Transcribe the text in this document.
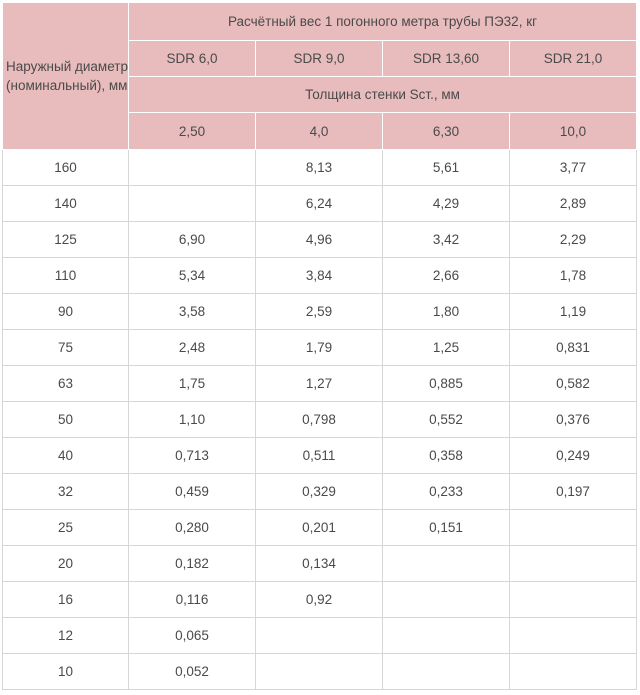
Наружный диаметр (номинальный), мм	Расчётный вес 1 погонного метра трубы ПЭ32, кг			
	SDR 6,0	SDR 9,0	SDR 13,60	SDR 21,0
	Толщина стенки Sст., мм			
	2,50	4,0	6,30	10,0
160		8,13	5,61	3,77
140		6,24	4,29	2,89
125	6,90	4,96	3,42	2,29
110	5,34	3,84	2,66	1,78
90	3,58	2,59	1,80	1,19
75	2,48	1,79	1,25	0,831
63	1,75	1,27	0,885	0,582
50	1,10	0,798	0,552	0,376
40	0,713	0,511	0,358	0,249
32	0,459	0,329	0,233	0,197
25	0,280	0,201	0,151	
20	0,182	0,134		
16	0,116	0,92		
12	0,065			
10	0,052			
